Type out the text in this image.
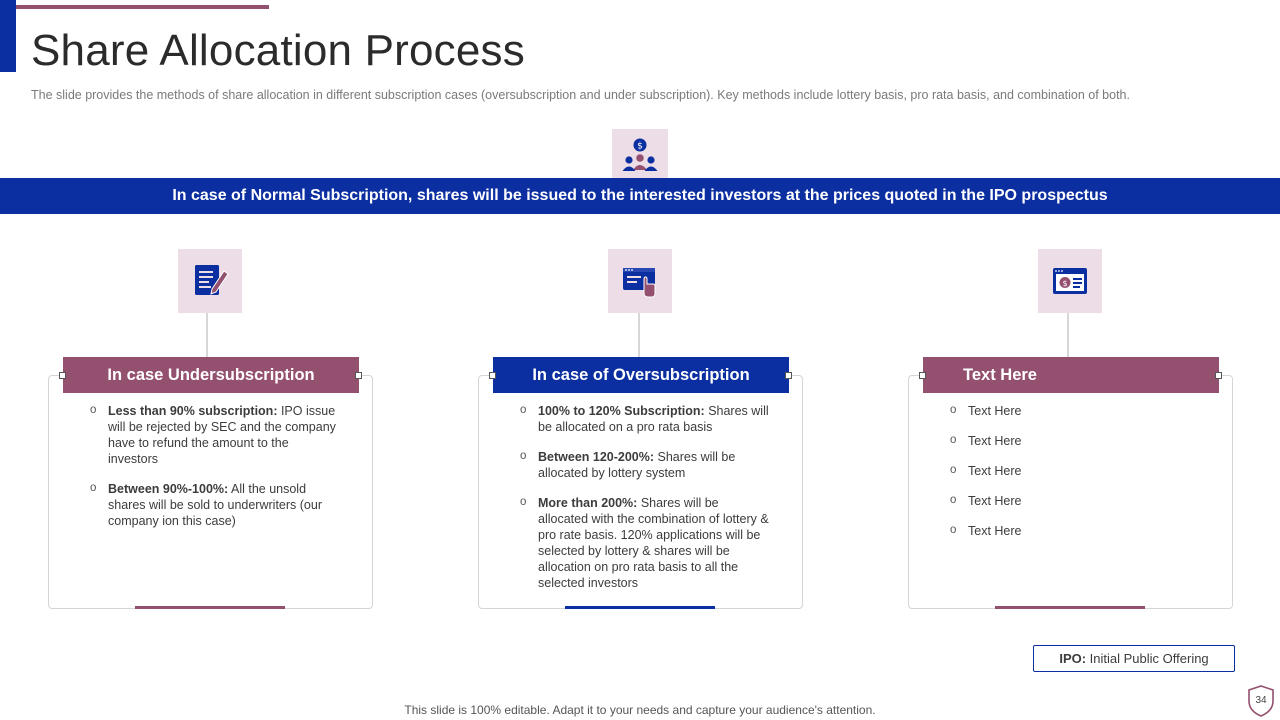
Share Allocation Process

The slide provides the methods of share allocation in different subscription cases (oversubscription and under subscription). Key methods include lottery basis, pro rata basis, and combination of both.

$
In case of Normal Subscription, shares will be issued to the interested investors at the prices quoted in the IPO prospectus
In case Undersubscription
o Less than 90% subscription: IPO issue will be rejected by SEC and the company have to refund the amount to the investors
o Between 90%-100%: All the unsold shares will be sold to underwriters (our company ion this case)
In case of Oversubscription
o 100% to 120% Subscription: Shares will be allocated on a pro rata basis
o Between 120-200%: Shares will be allocated by lottery system
o More than 200%: Shares will be allocated with the combination of lottery & pro rate basis. 120% applications will be selected by lottery & shares will be allocation on pro rata basis to all the selected investors
$
Text Here
o Text Here
o Text Here
o Text Here
o Text Here
o Text Here
IPO: Initial Public Offering
This slide is 100% editable. Adapt it to your needs and capture your audience's attention.
34
